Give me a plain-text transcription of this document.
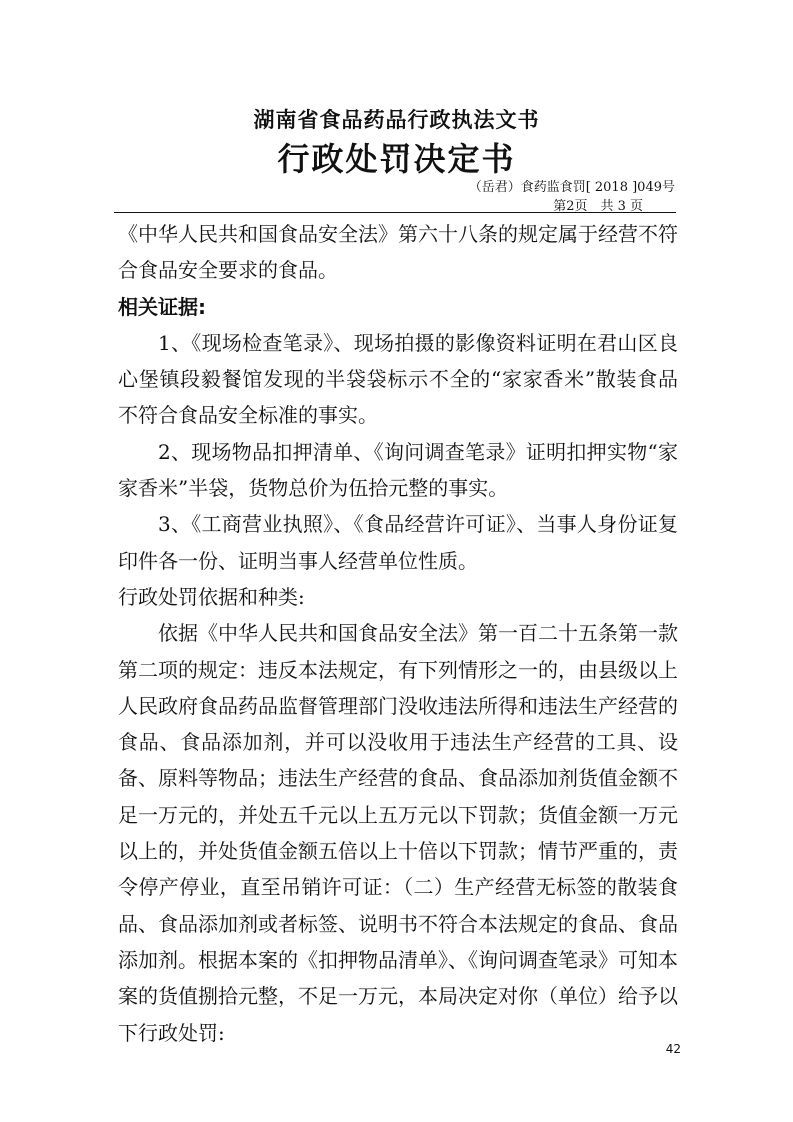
湖南省食品药品行政执法文书
行政处罚决定书
（岳君）食药监食罚[ 2018 ]049号
第2页　共 3 页

《中华人民共和国食品安全法》第六十八条的规定属于经营不符合食品安全要求的食品。

相关证据:

1、《现场检查笔录》、现场拍摄的影像资料证明在君山区良心堡镇段毅餐馆发现的半袋袋标示不全的“家家香米”散装食品不符合食品安全标准的事实。

2、现场物品扣押清单、《询问调查笔录》证明扣押实物“家家香米”半袋，货物总价为伍拾元整的事实。

3、《工商营业执照》、《食品经营许可证》、当事人身份证复印件各一份、证明当事人经营单位性质。

行政处罚依据和种类:

依据《中华人民共和国食品安全法》第一百二十五条第一款第二项的规定：违反本法规定，有下列情形之一的，由县级以上人民政府食品药品监督管理部门没收违法所得和违法生产经营的食品、食品添加剂，并可以没收用于违法生产经营的工具、设备、原料等物品；违法生产经营的食品、食品添加剂货值金额不足一万元的，并处五千元以上五万元以下罚款；货值金额一万元以上的，并处货值金额五倍以上十倍以下罚款；情节严重的，责令停产停业，直至吊销许可证：（二）生产经营无标签的散装食品、食品添加剂或者标签、说明书不符合本法规定的食品、食品添加剂。根据本案的《扣押物品清单》、《询问调查笔录》可知本案的货值捌拾元整，不足一万元，本局决定对你（单位）给予以下行政处罚:

42
